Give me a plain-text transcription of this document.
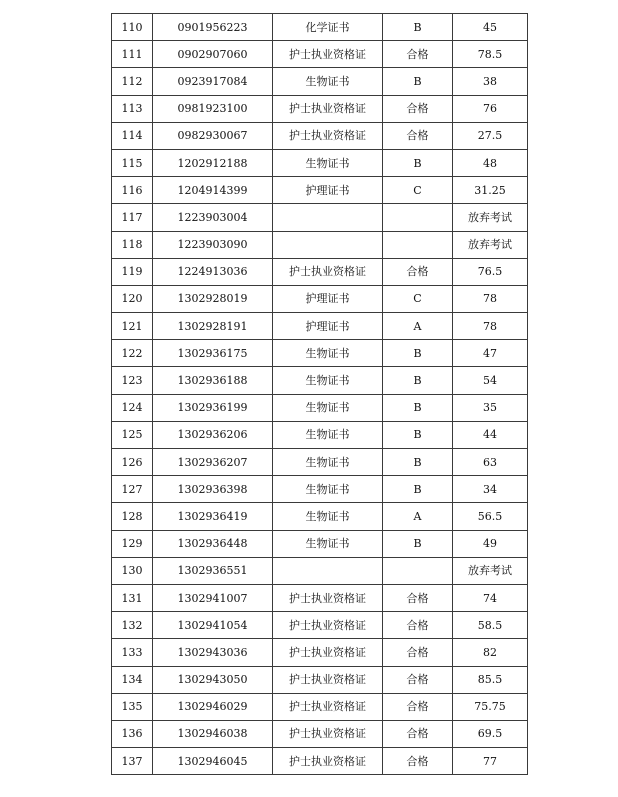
110	0901956223	化学证书	B	45
111	0902907060	护士执业资格证	合格	78.5
112	0923917084	生物证书	B	38
113	0981923100	护士执业资格证	合格	76
114	0982930067	护士执业资格证	合格	27.5
115	1202912188	生物证书	B	48
116	1204914399	护理证书	C	31.25
117	1223903004			放弃考试
118	1223903090			放弃考试
119	1224913036	护士执业资格证	合格	76.5
120	1302928019	护理证书	C	78
121	1302928191	护理证书	A	78
122	1302936175	生物证书	B	47
123	1302936188	生物证书	B	54
124	1302936199	生物证书	B	35
125	1302936206	生物证书	B	44
126	1302936207	生物证书	B	63
127	1302936398	生物证书	B	34
128	1302936419	生物证书	A	56.5
129	1302936448	生物证书	B	49
130	1302936551			放弃考试
131	1302941007	护士执业资格证	合格	74
132	1302941054	护士执业资格证	合格	58.5
133	1302943036	护士执业资格证	合格	82
134	1302943050	护士执业资格证	合格	85.5
135	1302946029	护士执业资格证	合格	75.75
136	1302946038	护士执业资格证	合格	69.5
137	1302946045	护士执业资格证	合格	77
